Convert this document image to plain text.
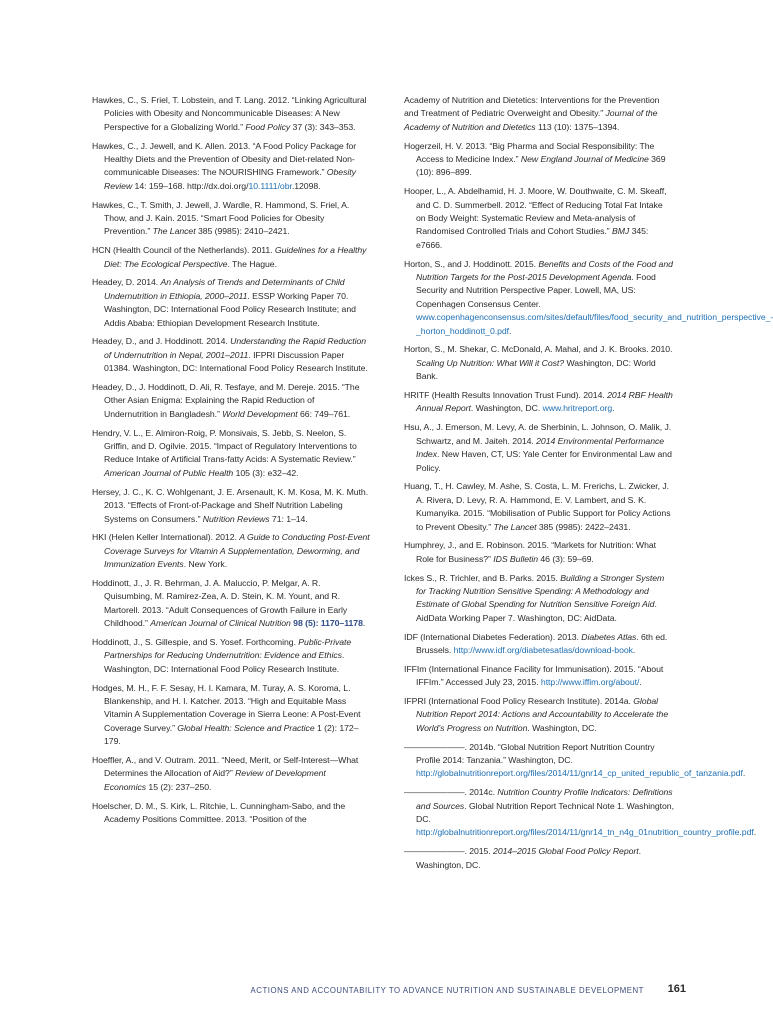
Hawkes, C., S. Friel, T. Lobstein, and T. Lang. 2012. “Linking Agricultural Policies with Obesity and Noncommunicable Diseases: A New Perspective for a Globalizing World.” Food Policy 37 (3): 343–353.

Hawkes, C., J. Jewell, and K. Allen. 2013. “A Food Policy Package for Healthy Diets and the Prevention of Obesity and Diet-related Non-communicable Diseases: The NOURISHING Framework.” Obesity Review 14: 159–168. http://dx.doi.org/10.1111/obr.12098.

Hawkes, C., T. Smith, J. Jewell, J. Wardle, R. Hammond, S. Friel, A. Thow, and J. Kain. 2015. “Smart Food Policies for Obesity Prevention.” The Lancet 385 (9985): 2410–2421.

HCN (Health Council of the Netherlands). 2011. Guidelines for a Healthy Diet: The Ecological Perspective. The Hague.

Headey, D. 2014. An Analysis of Trends and Determinants of Child Undernutrition in Ethiopia, 2000–2011. ESSP Working Paper 70. Washington, DC: International Food Policy Research Institute; and Addis Ababa: Ethiopian Development Research Institute.

Headey, D., and J. Hoddinott. 2014. Understanding the Rapid Reduction of Undernutrition in Nepal, 2001–2011. IFPRI Discussion Paper 01384. Washington, DC: International Food Policy Research Institute.

Headey, D., J. Hoddinott, D. Ali, R. Tesfaye, and M. Dereje. 2015. “The Other Asian Enigma: Explaining the Rapid Reduction of Undernutrition in Bangladesh.” World Development 66: 749–761.

Hendry, V. L., E. Almiron-Roig, P. Monsivais, S. Jebb, S. Neelon, S. Griffin, and D. Ogilvie. 2015. “Impact of Regulatory Interventions to Reduce Intake of Artificial Trans-fatty Acids: A Systematic Review.” American Journal of Public Health 105 (3): e32–42.

Hersey, J. C., K. C. Wohlgenant, J. E. Arsenault, K. M. Kosa, M. K. Muth. 2013. “Effects of Front-of-Package and Shelf Nutrition Labeling Systems on Consumers.” Nutrition Reviews 71: 1–14.

HKI (Helen Keller International). 2012. A Guide to Conducting Post-Event Coverage Surveys for Vitamin A Supplementation, Deworming, and Immunization Events. New York.

Hoddinott, J., J. R. Behrman, J. A. Maluccio, P. Melgar, A. R. Quisumbing, M. Ramirez-Zea, A. D. Stein, K. M. Yount, and R. Martorell. 2013. “Adult Consequences of Growth Failure in Early Childhood.” American Journal of Clinical Nutrition 98 (5): 1170–1178.

Hoddinott, J., S. Gillespie, and S. Yosef. Forthcoming. Public-Private Partnerships for Reducing Undernutrition: Evidence and Ethics. Washington, DC: International Food Policy Research Institute.

Hodges, M. H., F. F. Sesay, H. I. Kamara, M. Turay, A. S. Koroma, L. Blankenship, and H. I. Katcher. 2013. “High and Equitable Mass Vitamin A Supplementation Coverage in Sierra Leone: A Post-Event Coverage Survey.” Global Health: Science and Practice 1 (2): 172–179.

Hoeffler, A., and V. Outram. 2011. “Need, Merit, or Self-Interest—What Determines the Allocation of Aid?” Review of Development Economics 15 (2): 237–250.

Hoelscher, D. M., S. Kirk, L. Ritchie, L. Cunningham-Sabo, and the Academy Positions Committee. 2013. “Position of the

Academy of Nutrition and Dietetics: Interventions for the Prevention and Treatment of Pediatric Overweight and Obesity.” Journal of the Academy of Nutrition and Dietetics 113 (10): 1375–1394.

Hogerzeil, H. V. 2013. “Big Pharma and Social Responsibility: The Access to Medicine Index.” New England Journal of Medicine 369 (10): 896–899.

Hooper, L., A. Abdelhamid, H. J. Moore, W. Douthwaite, C. M. Skeaff, and C. D. Summerbell. 2012. “Effect of Reducing Total Fat Intake on Body Weight: Systematic Review and Meta-analysis of Randomised Controlled Trials and Cohort Studies.” BMJ 345: e7666.

Horton, S., and J. Hoddinott. 2015. Benefits and Costs of the Food and Nutrition Targets for the Post-2015 Development Agenda. Food Security and Nutrition Perspective Paper. Lowell, MA, US: Copenhagen Consensus Center. www.copenhagenconsensus.com/sites/default/files/food_security_and_nutrition_perspective_-_horton_hoddinott_0.pdf.

Horton, S., M. Shekar, C. McDonald, A. Mahal, and J. K. Brooks. 2010. Scaling Up Nutrition: What Will it Cost? Washington, DC: World Bank.

HRITF (Health Results Innovation Trust Fund). 2014. 2014 RBF Health Annual Report. Washington, DC. www.hritreport.org.

Hsu, A., J. Emerson, M. Levy, A. de Sherbinin, L. Johnson, O. Malik, J. Schwartz, and M. Jaiteh. 2014. 2014 Environmental Performance Index. New Haven, CT, US: Yale Center for Environmental Law and Policy.

Huang, T., H. Cawley, M. Ashe, S. Costa, L. M. Frerichs, L. Zwicker, J. A. Rivera, D. Levy, R. A. Hammond, E. V. Lambert, and S. K. Kumanyika. 2015. “Mobilisation of Public Support for Policy Actions to Prevent Obesity.” The Lancet 385 (9985): 2422–2431.

Humphrey, J., and E. Robinson. 2015. “Markets for Nutrition: What Role for Business?” IDS Bulletin 46 (3): 59–69.

Ickes S., R. Trichler, and B. Parks. 2015. Building a Stronger System for Tracking Nutrition Sensitive Spending: A Methodology and Estimate of Global Spending for Nutrition Sensitive Foreign Aid. AidData Working Paper 7. Washington, DC: AidData.

IDF (International Diabetes Federation). 2013. Diabetes Atlas. 6th ed. Brussels. http://www.idf.org/diabetesatlas/download-book.

IFFIm (International Finance Facility for Immunisation). 2015. “About IFFIm.” Accessed July 23, 2015. http://www.iffim.org/about/.

IFPRI (International Food Policy Research Institute). 2014a. Global Nutrition Report 2014: Actions and Accountability to Accelerate the World’s Progress on Nutrition. Washington, DC.

———————. 2014b. “Global Nutrition Report Nutrition Country Profile 2014: Tanzania.” Washington, DC. http://globalnutritionreport.org/files/2014/11/gnr14_cp_united_republic_of_tanzania.pdf.

———————. 2014c. Nutrition Country Profile Indicators: Definitions and Sources. Global Nutrition Report Technical Note 1. Washington, DC. http://globalnutritionreport.org/files/2014/11/gnr14_tn_n4g_01nutrition_country_profile.pdf.

———————. 2015. 2014–2015 Global Food Policy Report. Washington, DC.

ACTIONS AND ACCOUNTABILITY TO ADVANCE NUTRITION AND SUSTAINABLE DEVELOPMENT 161
